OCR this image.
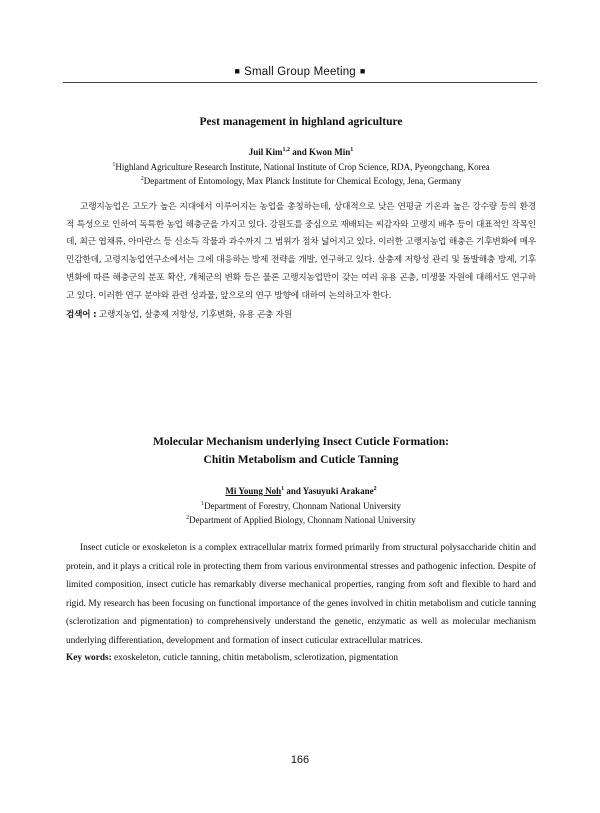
■ Small Group Meeting ■

Pest management in highland agriculture

Juil Kim$^{1,2}$ and Kwon Min$^1$
$^1$Highland Agriculture Research Institute, National Institute of Crop Science, RDA, Pyeongchang, Korea
$^2$Department of Entomology, Max Planck Institute for Chemical Ecology, Jena, Germany
고랭지농업은 고도가 높은 지대에서 이루어지는 농업을 총칭하는데, 상대적으로 낮은 연평균 기온과 높은 강수량 등의 환경적 특성으로 인하여 독특한 농업 해충군을 가지고 있다. 강원도를 중심으로 재배되는 씨감자와 고랭지 배추 등이 대표적인 작목인데, 최근 엽채류, 아마란스 등 신소득 작물과 과수까지 그 범위가 점차 넓어지고 있다. 이러한 고랭지농업 해충은 기후변화에 매우 민감한데, 고령지농업연구소에서는 그에 대응하는 방제 전략을 개발, 연구하고 있다. 살충제 저항성 관리 및 돌발해충 방제, 기후 변화에 따른 해충군의 분포 확산, 개체군의 변화 등은 물론 고랭지농업만이 갖는 여러 유용 곤충, 미생물 자원에 대해서도 연구하고 있다. 이러한 연구 분야와 관련 성과물, 앞으로의 연구 방향에 대하여 논의하고자 한다.
검색어 : 고랭지농업, 살충제 저항성, 기후변화, 유용 곤충 자원

Molecular Mechanism underlying Insect Cuticle Formation:

Chitin Metabolism and Cuticle Tanning

Mi Young Noh$^1$ and Yasuyuki Arakane$^2$
$^1$Department of Forestry, Chonnam National University
$^2$Department of Applied Biology, Chonnam National University
Insect cuticle or exoskeleton is a complex extracellular matrix formed primarily from structural polysaccharide chitin and protein, and it plays a critical role in protecting them from various environmental stresses and pathogenic infection. Despite of limited composition, insect cuticle has remarkably diverse mechanical properties, ranging from soft and flexible to hard and rigid. My research has been focusing on functional importance of the genes involved in chitin metabolism and cuticle tanning (sclerotization and pigmentation) to comprehensively understand the genetic, enzymatic as well as molecular mechanism underlying differentiation, development and formation of insect cuticular extracellular matrices.
Key words: exoskeleton, cuticle tanning, chitin metabolism, sclerotization, pigmentation
166
